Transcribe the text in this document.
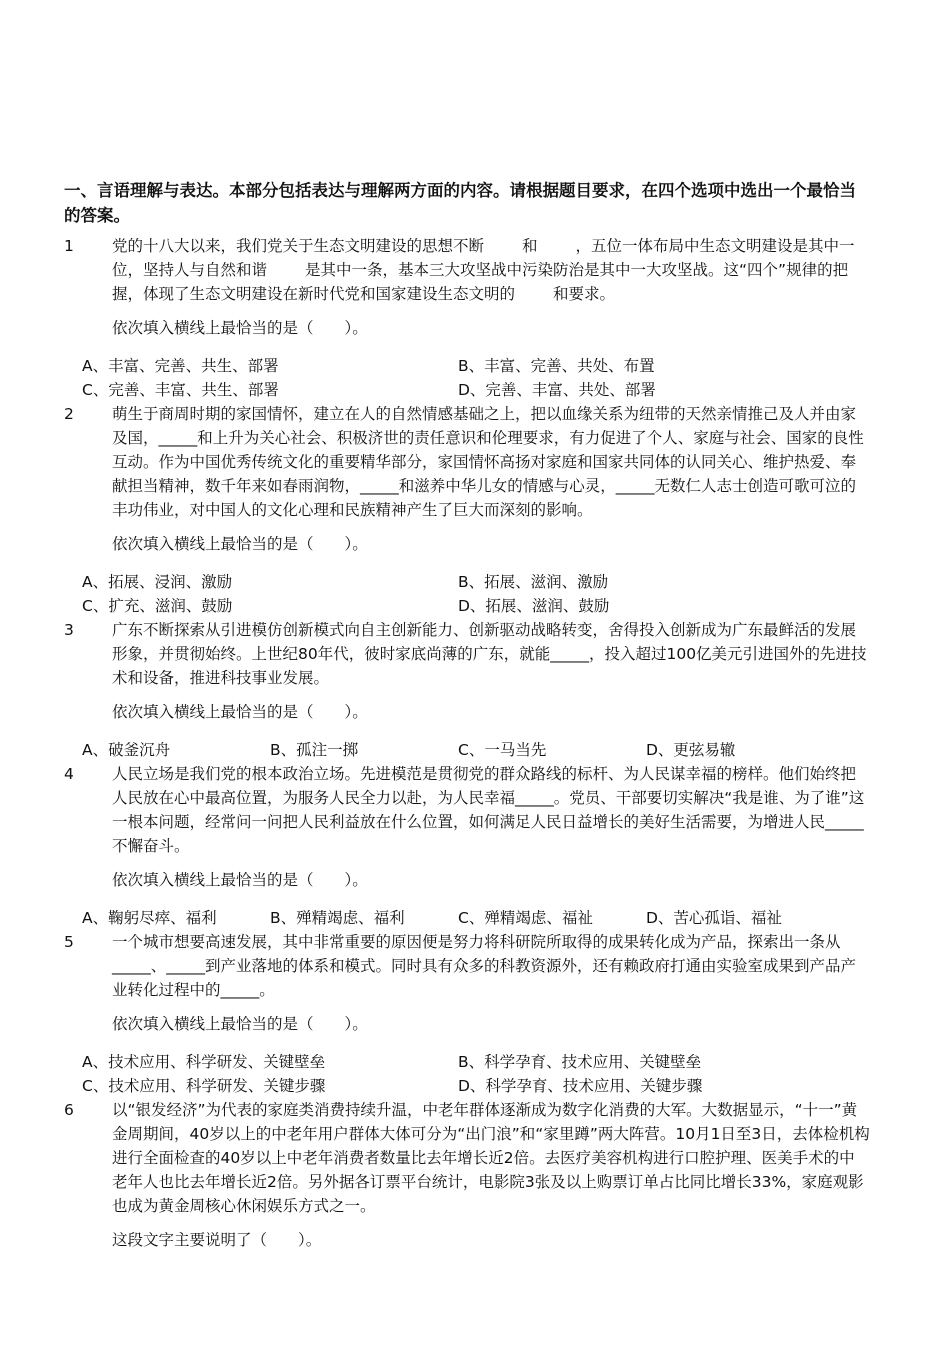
一、言语理解与表达。本部分包括表达与理解两方面的内容。请根据题目要求，在四个选项中选出一个最恰当的答案。
1	党的十八大以来，我们党关于生态文明建设的思想不断 和 ，五位一体布局中生态文明建设是其中一位，坚持人与自然和谐 是其中一条，基本三大攻坚战中污染防治是其中一大攻坚战。这“四个”规律的把握，体现了生态文明建设在新时代党和国家建设生态文明的 和要求。

依次填入横线上最恰当的是（　　）。

A、丰富、完善、共生、部署	B、丰富、完善、共处、布置
C、完善、丰富、共生、部署	D、完善、丰富、共处、部署
2	萌生于商周时期的家国情怀，建立在人的自然情感基础之上，把以血缘关系为纽带的天然亲情推己及人并由家及国，_____和上升为关心社会、积极济世的责任意识和伦理要求，有力促进了个人、家庭与社会、国家的良性互动。作为中国优秀传统文化的重要精华部分，家国情怀高扬对家庭和国家共同体的认同关心、维护热爱、奉献担当精神，数千年来如春雨润物，_____和滋养中华儿女的情感与心灵，_____无数仁人志士创造可歌可泣的丰功伟业，对中国人的文化心理和民族精神产生了巨大而深刻的影响。

依次填入横线上最恰当的是（　　）。

A、拓展、浸润、激励	B、拓展、滋润、激励
C、扩充、滋润、鼓励	D、拓展、滋润、鼓励
3	广东不断探索从引进模仿创新模式向自主创新能力、创新驱动战略转变，舍得投入创新成为广东最鲜活的发展形象，并贯彻始终。上世纪80年代，彼时家底尚薄的广东，就能_____，投入超过100亿美元引进国外的先进技术和设备，推进科技事业发展。

依次填入横线上最恰当的是（　　）。

A、破釜沉舟	B、孤注一掷	C、一马当先	D、更弦易辙
4	人民立场是我们党的根本政治立场。先进模范是贯彻党的群众路线的标杆、为人民谋幸福的榜样。他们始终把人民放在心中最高位置，为服务人民全力以赴，为人民幸福_____。党员、干部要切实解决“我是谁、为了谁”这一根本问题，经常问一问把人民利益放在什么位置，如何满足人民日益增长的美好生活需要，为增进人民_____不懈奋斗。

依次填入横线上最恰当的是（　　）。

A、鞠躬尽瘁、福利	B、殚精竭虑、福利	C、殚精竭虑、福祉	D、苦心孤诣、福祉
5	一个城市想要高速发展，其中非常重要的原因便是努力将科研院所取得的成果转化成为产品，探索出一条从_____、_____到产业落地的体系和模式。同时具有众多的科教资源外，还有赖政府打通由实验室成果到产品产业转化过程中的_____。

依次填入横线上最恰当的是（　　）。

A、技术应用、科学研发、关键壁垒	B、科学孕育、技术应用、关键壁垒
C、技术应用、科学研发、关键步骤	D、科学孕育、技术应用、关键步骤
6	以“银发经济”为代表的家庭类消费持续升温，中老年群体逐渐成为数字化消费的大军。大数据显示，“十一”黄金周期间，40岁以上的中老年用户群体大体可分为“出门浪”和“家里蹲”两大阵营。10月1日至3日，去体检机构进行全面检查的40岁以上中老年消费者数量比去年增长近2倍。去医疗美容机构进行口腔护理、医美手术的中老年人也比去年增长近2倍。另外据各订票平台统计，电影院3张及以上购票订单占比同比增长33%，家庭观影也成为黄金周核心休闲娱乐方式之一。

这段文字主要说明了（　　）。
